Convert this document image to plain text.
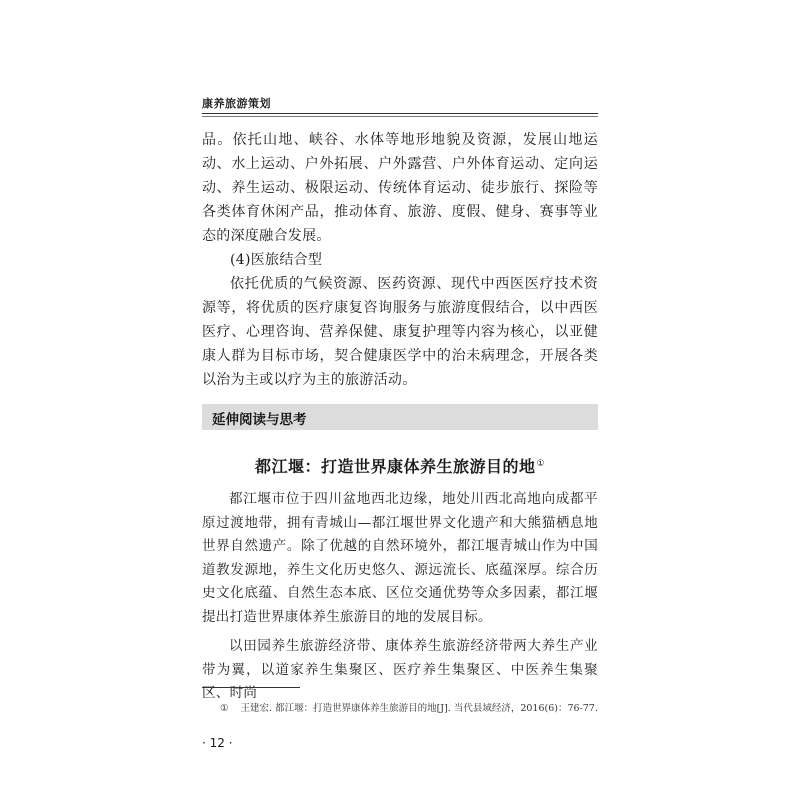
康养旅游策划

品。依托山地、峡谷、水体等地形地貌及资源，发展山地运动、水上运动、户外拓展、户外露营、户外体育运动、定向运动、养生运动、极限运动、传统体育运动、徒步旅行、探险等各类体育休闲产品，推动体育、旅游、度假、健身、赛事等业态的深度融合发展。

(4)医旅结合型

依托优质的气候资源、医药资源、现代中西医医疗技术资源等，将优质的医疗康复咨询服务与旅游度假结合，以中西医医疗、心理咨询、营养保健、康复护理等内容为核心，以亚健康人群为目标市场，契合健康医学中的治未病理念，开展各类以治为主或以疗为主的旅游活动。

延伸阅读与思考
都江堰：打造世界康体养生旅游目的地①

都江堰市位于四川盆地西北边缘，地处川西北高地向成都平原过渡地带，拥有青城山—都江堰世界文化遗产和大熊猫栖息地世界自然遗产。除了优越的自然环境外，都江堰青城山作为中国道教发源地，养生文化历史悠久、源远流长、底蕴深厚。综合历史文化底蕴、自然生态本底、区位交通优势等众多因素，都江堰提出打造世界康体养生旅游目的地的发展目标。

以田园养生旅游经济带、康体养生旅游经济带两大养生产业带为翼，以道家养生集聚区、医疗养生集聚区、中医养生集聚区、时尚

① 王建宏. 都江堰：打造世界康体养生旅游目的地[J]. 当代县域经济，2016(6)：76-77.
· 12 ·
